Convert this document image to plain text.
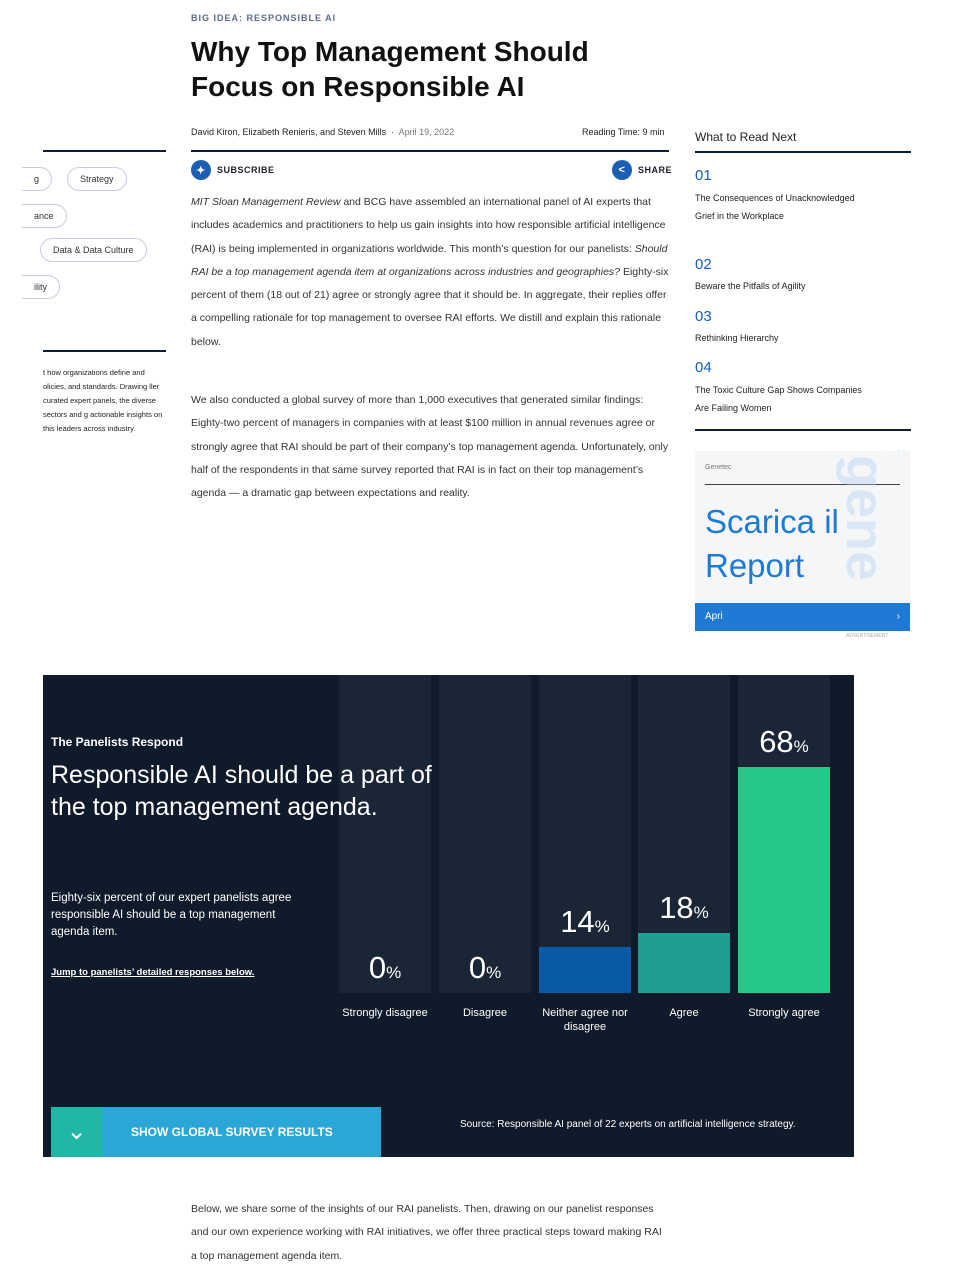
BIG IDEA: RESPONSIBLE AI
Why Top Management Should Focus on Responsible AI
David Kiron, Elizabeth Renieris, and Steven Mills  ·  April 19, 2022	Reading Time: 9 min
✦	SUBSCRIBE	<	SHARE
g	Strategy
ance
Data & Data Culture
ility
t how organizations define and olicies, and standards. Drawing ller curated expert panels, the diverse sectors and g actionable insights on this leaders across industry.
MIT Sloan Management Review and BCG have assembled an international panel of AI experts that includes academics and practitioners to help us gain insights into how responsible artificial intelligence (RAI) is being implemented in organizations worldwide. This month’s question for our panelists: Should RAI be a top management agenda item at organizations across industries and geographies? Eighty-six percent of them (18 out of 21) agree or strongly agree that it should be. In aggregate, their replies offer a compelling rationale for top management to oversee RAI efforts. We distill and explain this rationale below.
We also conducted a global survey of more than 1,000 executives that generated similar findings: Eighty-two percent of managers in companies with at least $100 million in annual revenues agree or strongly agree that RAI should be part of their company’s top management agenda. Unfortunately, only half of the respondents in that same survey reported that RAI is in fact on their top management’s agenda — a dramatic gap between expectations and reality.
What to Read Next
01
The Consequences of Unacknowledged Grief in the Workplace
02
Beware the Pitfalls of Agility
03
Rethinking Hierarchy
04
The Toxic Culture Gap Shows Companies Are Failing Women
Genetec gene
Scarica il
Report
Apri	›
ADVERTISEMENT
The Panelists Respond
Responsible AI should be a part of the top management agenda.
Eighty-six percent of our expert panelists agree responsible AI should be a top management agenda item.
Jump to panelists’ detailed responses below.	0%
Strongly disagree
0%
Disagree
14%
Neither agree nor disagree
18%
Agree
68%
Strongly agree
⌄	SHOW GLOBAL SURVEY RESULTS
Source: Responsible AI panel of 22 experts on artificial intelligence strategy.
Below, we share some of the insights of our RAI panelists. Then, drawing on our panelist responses and our own experience working with RAI initiatives, we offer three practical steps toward making RAI a top management agenda item.
